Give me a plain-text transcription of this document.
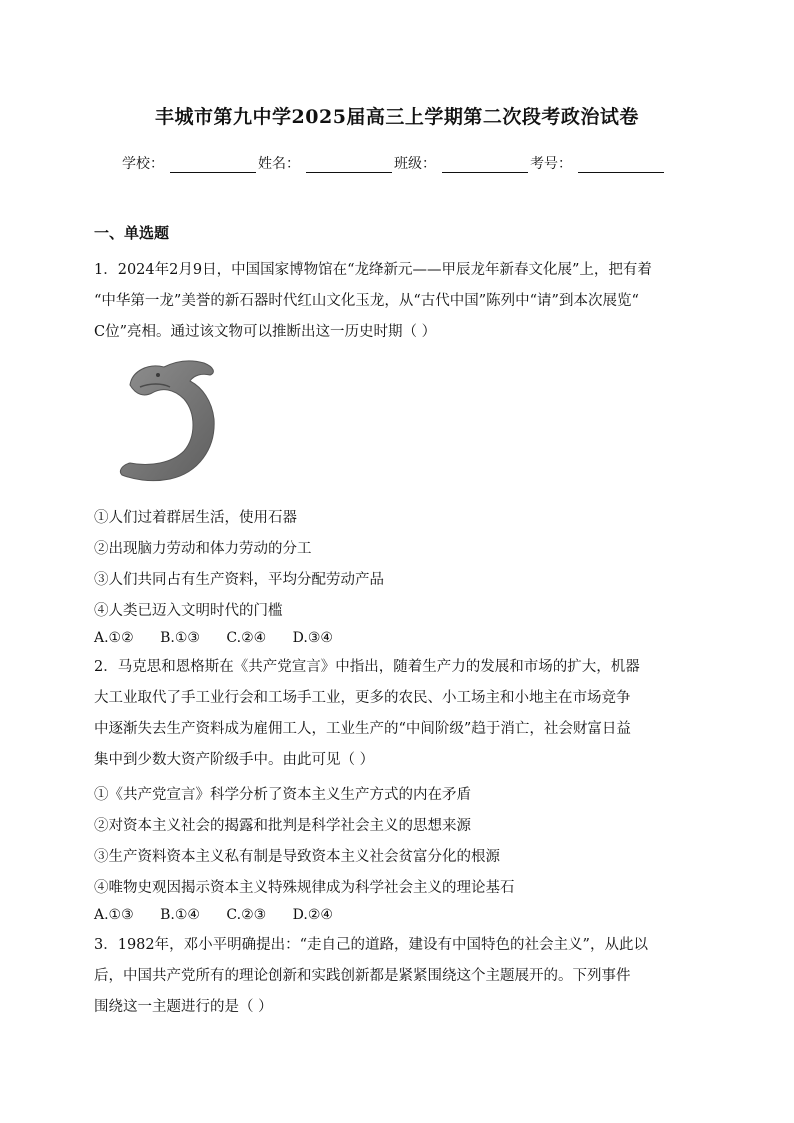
丰城市第九中学2025届高三上学期第二次段考政治试卷
学校：	姓名：	班级：	考号：
一、单选题
1．2024年2月9日，中国国家博物馆在“龙绛新元——甲辰龙年新春文化展”上，把有着
“中华第一龙”美誉的新石器时代红山文化玉龙，从“古代中国”陈列中“请”到本次展览“
C位”亮相。通过该文物可以推断出这一历史时期（ ）
①人们过着群居生活，使用石器
②出现脑力劳动和体力劳动的分工
③人们共同占有生产资料，平均分配劳动产品
④人类已迈入文明时代的门槛
A.①② B.①③ C.②④ D.③④
2．马克思和恩格斯在《共产党宣言》中指出，随着生产力的发展和市场的扩大，机器
大工业取代了手工业行会和工场手工业，更多的农民、小工场主和小地主在市场竞争
中逐渐失去生产资料成为雇佣工人，工业生产的“中间阶级”趋于消亡，社会财富日益
集中到少数大资产阶级手中。由此可见（ ）
①《共产党宣言》科学分析了资本主义生产方式的内在矛盾
②对资本主义社会的揭露和批判是科学社会主义的思想来源
③生产资料资本主义私有制是导致资本主义社会贫富分化的根源
④唯物史观因揭示资本主义特殊规律成为科学社会主义的理论基石
A.①③ B.①④ C.②③ D.②④
3．1982年，邓小平明确提出：“走自己的道路，建设有中国特色的社会主义”，从此以
后，中国共产党所有的理论创新和实践创新都是紧紧围绕这个主题展开的。下列事件
围绕这一主题进行的是（ ）
